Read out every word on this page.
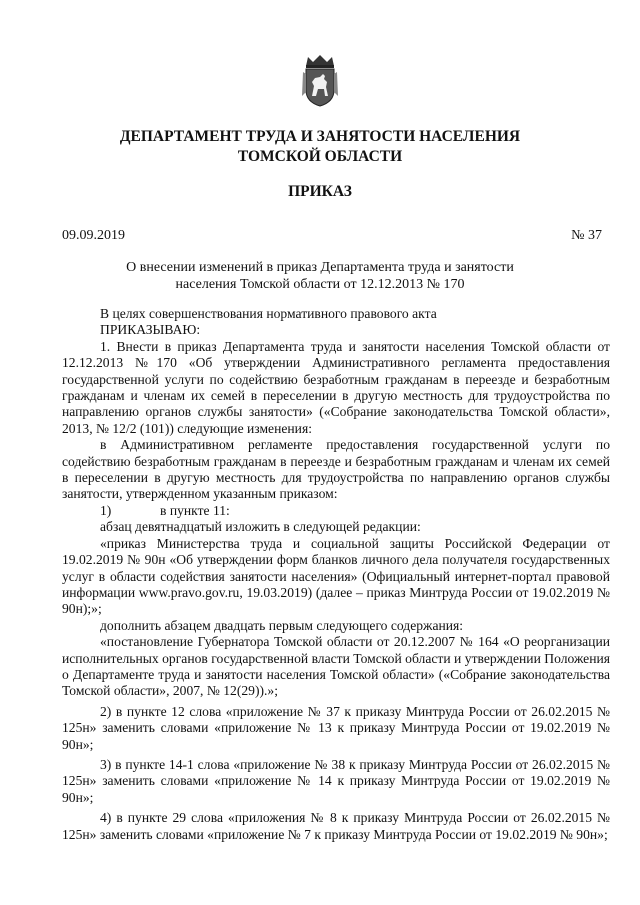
ДЕПАРТАМЕНТ ТРУДА И ЗАНЯТОСТИ НАСЕЛЕНИЯ
ТОМСКОЙ ОБЛАСТИ
ПРИКАЗ
09.09.2019	№ 37
О внесении изменений в приказ Департамента труда и занятости
населения Томской области от 12.12.2013 № 170

В целях совершенствования нормативного правового акта

ПРИКАЗЫВАЮ:

1. Внести в приказ Департамента труда и занятости населения Томской области от 12.12.2013 №170 «Об утверждении Административного регламента предоставления государственной услуги по содействию безработным гражданам в переезде и безработным гражданам и членам их семей в переселении в другую местность для трудоустройства по направлению органов службы занятости» («Собрание законодательства Томской области», 2013, № 12/2 (101)) следующие изменения:

в Административном регламенте предоставления государственной услуги по содействию безработным гражданам в переезде и безработным гражданам и членам их семей в переселении в другую местность для трудоустройства по направлению органов службы занятости, утвержденном указанным приказом:

1)	в пункте 11:

абзац девятнадцатый изложить в следующей редакции:

«приказ Министерства труда и социальной защиты Российской Федерации от 19.02.2019 № 90н «Об утверждении форм бланков личного дела получателя государственных услуг в области содействия занятости населения» (Официальный интернет-портал правовой информации www.pravo.gov.ru, 19.03.2019) (далее – приказ Минтруда России от 19.02.2019 № 90н);»;

дополнить абзацем двадцать первым следующего содержания:

«постановление Губернатора Томской области от 20.12.2007 № 164 «О реорганизации исполнительных органов государственной власти Томской области и утверждении Положения о Департаменте труда и занятости населения Томской области» («Собрание законодательства Томской области», 2007, № 12(29)).»;

2) в пункте 12 слова «приложение № 37 к приказу Минтруда России от 26.02.2015 № 125н» заменить словами «приложение № 13 к приказу Минтруда России от 19.02.2019 № 90н»;

3) в пункте 14-1 слова «приложение № 38 к приказу Минтруда России от 26.02.2015 № 125н» заменить словами «приложение № 14 к приказу Минтруда России от 19.02.2019 № 90н»;

4) в пункте 29 слова «приложения № 8 к приказу Минтруда России от 26.02.2015 № 125н» заменить словами «приложение № 7 к приказу Минтруда России от 19.02.2019 № 90н»;
